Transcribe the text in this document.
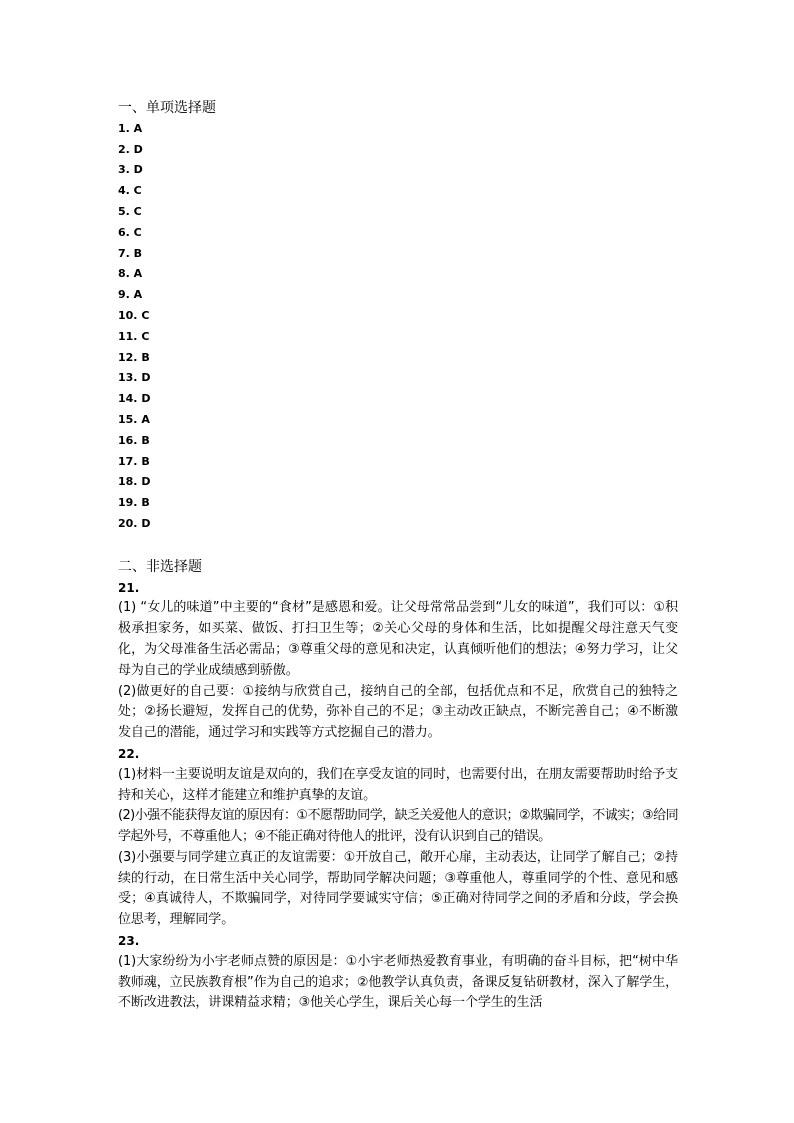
一、单项选择题
1. A
2. D
3. D
4. C
5. C
6. C
7. B
8. A
9. A
10. C
11. C
12. B
13. D
14. D
15. A
16. B
17. B
18. D
19. B
20. D
二、非选择题
21.

(1) “女儿的味道”中主要的“食材”是感恩和爱。让父母常常品尝到“儿女的味道”，我们可以：①积极承担家务，如买菜、做饭、打扫卫生等；②关心父母的身体和生活，比如提醒父母注意天气变化，为父母准备生活必需品；③尊重父母的意见和决定，认真倾听他们的想法；④努力学习，让父母为自己的学业成绩感到骄傲。

(2)做更好的自己要：①接纳与欣赏自己，接纳自己的全部，包括优点和不足，欣赏自己的独特之处；②扬长避短，发挥自己的优势，弥补自己的不足；③主动改正缺点，不断完善自己；④不断激发自己的潜能，通过学习和实践等方式挖掘自己的潜力。

22.

(1)材料一主要说明友谊是双向的，我们在享受友谊的同时，也需要付出，在朋友需要帮助时给予支持和关心，这样才能建立和维护真挚的友谊。

(2)小强不能获得友谊的原因有：①不愿帮助同学，缺乏关爱他人的意识；②欺骗同学，不诚实；③给同学起外号，不尊重他人；④不能正确对待他人的批评，没有认识到自己的错误。

(3)小强要与同学建立真正的友谊需要：①开放自己，敞开心扉，主动表达，让同学了解自己；②持续的行动，在日常生活中关心同学，帮助同学解决问题；③尊重他人，尊重同学的个性、意见和感受；④真诚待人，不欺骗同学，对待同学要诚实守信；⑤正确对待同学之间的矛盾和分歧，学会换位思考，理解同学。

23.

(1)大家纷纷为小宇老师点赞的原因是：①小宇老师热爱教育事业，有明确的奋斗目标，把“树中华教师魂，立民族教育根”作为自己的追求；②他教学认真负责，备课反复钻研教材，深入了解学生，不断改进教法，讲课精益求精；③他关心学生，课后关心每一个学生的生活
